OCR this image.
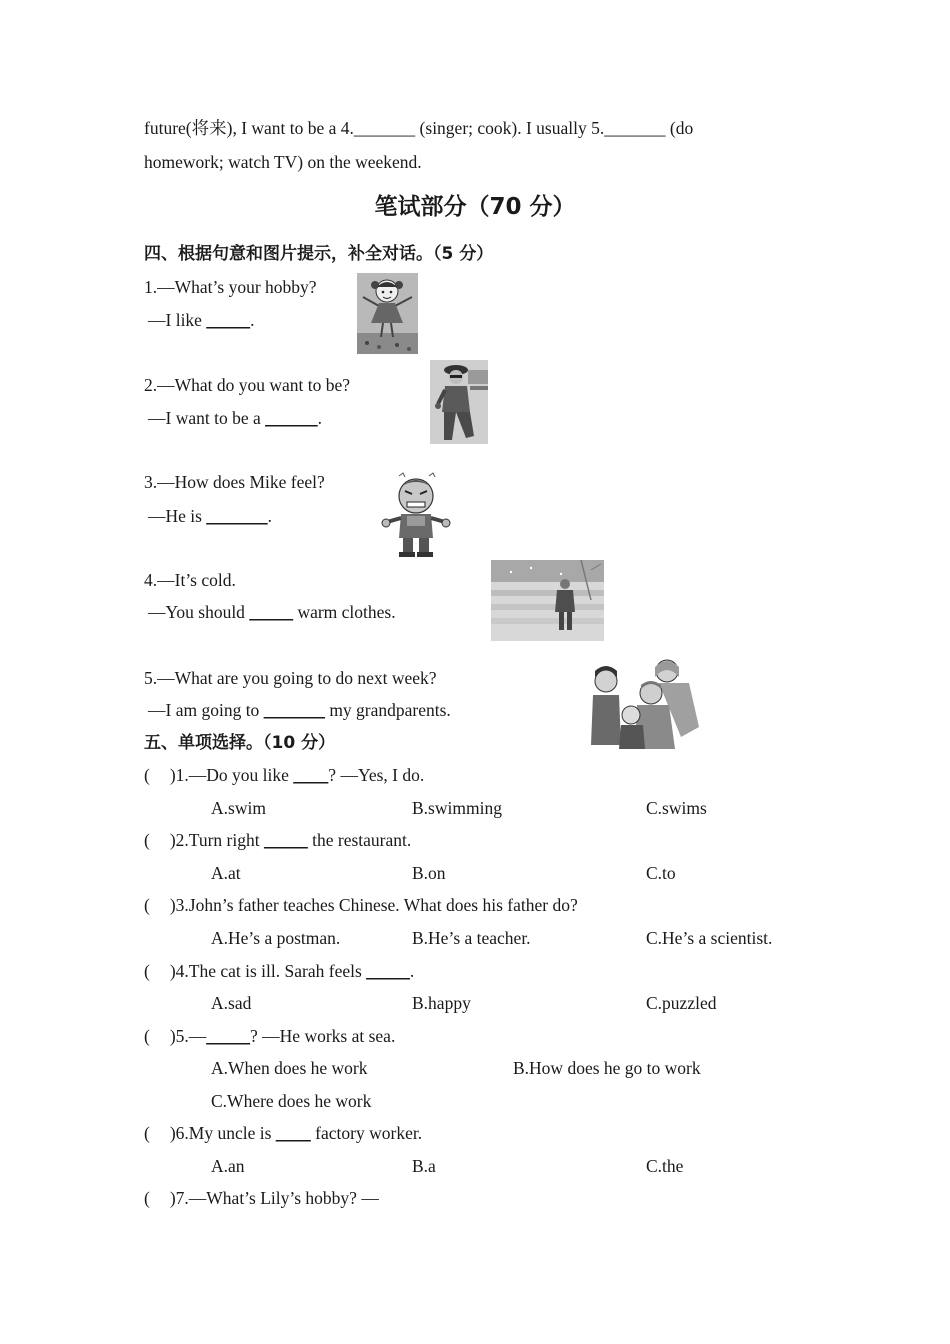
future(将来), I want to be a 4._______ (singer; cook). I usually 5._______ (do
homework; watch TV) on the weekend.
笔试部分（70 分）
四、根据句意和图片提示，补全对话。（5 分）
1.—What’s your hobby?
—I like _____.
2.—What do you want to be?
—I want to be a ______.
3.—How does Mike feel?
—He is _______.
4.—It’s cold.
—You should _____ warm clothes.
5.—What are you going to do next week?
—I am going to _______ my grandparents.
五、单项选择。（10 分）
( )1.—Do you like ____? —Yes, I do.
A.swim	B.swimming	C.swims
( )2.Turn right _____ the restaurant.
A.at	B.on	C.to
( )3.John’s father teaches Chinese. What does his father do?
A.He’s a postman.	B.He’s a teacher.	C.He’s a scientist.
( )4.The cat is ill. Sarah feels _____.
A.sad	B.happy	C.puzzled
( )5.—_____? —He works at sea.
A.When does he work	B.How does he go to work
C.Where does he work
( )6.My uncle is ____ factory worker.
A.an	B.a	C.the
( )7.—What’s Lily’s hobby? —
